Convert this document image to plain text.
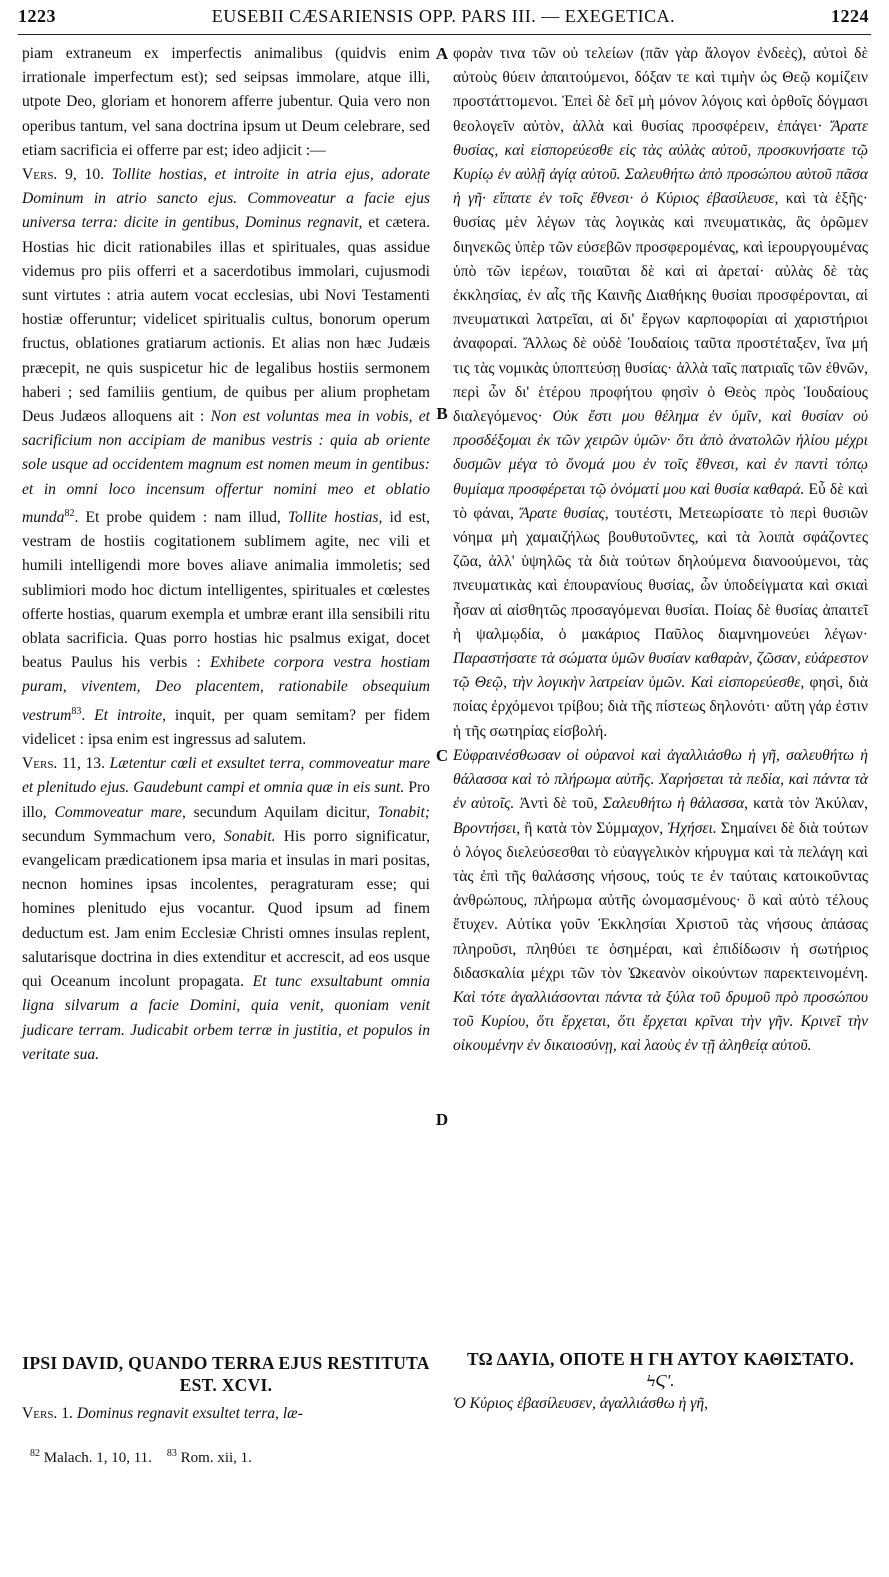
1223	EUSEBII CÆSARIENSIS OPP. PARS III. — EXEGETICA.	1224

piam extraneum ex imperfectis animalibus (quidvis enim irrationale imperfectum est); sed seipsas immolare, atque illi, utpote Deo, gloriam et honorem afferre jubentur. Quia vero non operibus tantum, vel sana doctrina ipsum ut Deum celebrare, sed etiam sacrificia ei offerre par est; ideo adjicit :—

Vers. 9, 10. Tollite hostias, et introite in atria ejus, adorate Dominum in atrio sancto ejus. Commoveatur a facie ejus universa terra: dicite in gentibus, Dominus regnavit, et cætera. Hostias hic dicit rationabiles illas et spirituales, quas assidue videmus pro piis offerri et a sacerdotibus immolari, cujusmodi sunt virtutes : atria autem vocat ecclesias, ubi Novi Testamenti hostiæ offeruntur; videlicet spiritualis cultus, bonorum operum fructus, oblationes gratiarum actionis. Et alias non hæc Judæis præcepit, ne quis suspicetur hic de legalibus hostiis sermonem haberi ; sed familiis gentium, de quibus per alium prophetam Deus Judæos alloquens ait : Non est voluntas mea in vobis, et sacrificium non accipiam de manibus vestris : quia ab oriente sole usque ad occidentem magnum est nomen meum in gentibus: et in omni loco incensum offertur nomini meo et oblatio munda$^{82}$. Et probe quidem : nam illud, Tollite hostias, id est, vestram de hostiis cogitationem sublimem agite, nec vili et humili intelligendi more boves aliave animalia immoletis; sed sublimiori modo hoc dictum intelligentes, spirituales et cœlestes offerte hostias, quarum exempla et umbræ erant illa sensibili ritu oblata sacrificia. Quas porro hostias hic psalmus exigat, docet beatus Paulus his verbis : Exhibete corpora vestra hostiam puram, viventem, Deo placentem, rationabile obsequium vestrum$^{83}$. Et introite, inquit, per quam semitam? per fidem videlicet : ipsa enim est ingressus ad salutem.

Vers. 11, 13. Lætentur cœli et exsultet terra, commoveatur mare et plenitudo ejus. Gaudebunt campi et omnia quæ in eis sunt. Pro illo, Commoveatur mare, secundum Aquilam dicitur, Tonabit; secundum Symmachum vero, Sonabit. His porro significatur, evangelicam prædicationem ipsa maria et insulas in mari positas, necnon homines ipsas incolentes, peragraturam esse; qui homines plenitudo ejus vocantur. Quod ipsum ad finem deductum est. Jam enim Ecclesiæ Christi omnes insulas replent, salutarisque doctrina in dies extenditur et accrescit, ad eos usque qui Oceanum incolunt propagata. Et tunc exsultabunt omnia ligna silvarum a facie Domini, quia venit, quoniam venit judicare terram. Judicabit orbem terræ in justitia, et populos in veritate sua.

IPSI DAVID, QUANDO TERRA EJUS RESTITUTA EST. XCVI.
Vers. 1. Dominus regnavit exsultet terra, læ-
$^{82}$ Malach. 1, 10, 11. $^{83}$ Rom. xii, 1.
A
B
C
D

φορὰν τινα τῶν οὐ τελείων (πᾶν γὰρ ἄλογον ἐνδεὲς), αὐτοὶ δὲ αὐτοὺς θύειν ἀπαιτούμενοι, δόξαν τε καὶ τιμὴν ὡς Θεῷ κομίζειν προστάττομενοι. Ἐπεὶ δὲ δεῖ μὴ μόνον λόγοις καὶ ὀρθοῖς δόγμασι θεολογεῖν αὐτὸν, ἀλλὰ καὶ θυσίας προσφέρειν, ἐπάγει· Ἄρατε θυσίας, καὶ εἰσπορεύεσθε εἰς τὰς αὐλὰς αὐτοῦ, προσκυνήσατε τῷ Κυρίῳ ἐν αὐλῇ ἁγίᾳ αὐτοῦ. Σαλευθήτω ἀπὸ προσώπου αὐτοῦ πᾶσα ἡ γῆ· εἴπατε ἐν τοῖς ἔθνεσι· ὁ Κύριος ἐβασίλευσε, καὶ τὰ ἑξῆς· θυσίας μὲν λέγων τὰς λογικὰς καὶ πνευματικὰς, ἃς ὁρῶμεν διηνεκῶς ὑπὲρ τῶν εὐσεβῶν προσφερομένας, καὶ ἱερουργουμένας ὑπὸ τῶν ἱερέων, τοιαῦται δὲ καὶ αἱ ἀρεταί· αὐλὰς δὲ τὰς ἐκκλησίας, ἐν αἷς τῆς Καινῆς Διαθήκης θυσίαι προσφέρονται, αἱ πνευματικαὶ λατρεῖαι, αἱ δι' ἔργων καρποφορίαι αἱ χαριστήριοι ἀναφοραί. Ἄλλως δὲ οὐδὲ Ἰουδαίοις ταῦτα προστέταξεν, ἵνα μή τις τὰς νομικὰς ὑποπτεύσῃ θυσίας· ἀλλὰ ταῖς πατριαῖς τῶν ἐθνῶν, περὶ ὧν δι' ἑτέρου προφήτου φησὶν ὁ Θεὸς πρὸς Ἰουδαίους διαλεγόμενος· Οὐκ ἔστι μου θέλημα ἐν ὑμῖν, καὶ θυσίαν οὐ προσδέξομαι ἐκ τῶν χειρῶν ὑμῶν· ὅτι ἀπὸ ἀνατολῶν ἡλίου μέχρι δυσμῶν μέγα τὸ ὄνομά μου ἐν τοῖς ἔθνεσι, καὶ ἐν παντὶ τόπῳ θυμίαμα προσφέρεται τῷ ὀνόματί μου καὶ θυσία καθαρά. Εὖ δὲ καὶ τὸ φάναι, Ἄρατε θυσίας, τουτέστι, Μετεωρίσατε τὸ περὶ θυσιῶν νόημα μὴ χαμαιζήλως βουθυτοῦντες, καὶ τὰ λοιπὰ σφάζοντες ζῶα, ἀλλ' ὑψηλῶς τὰ διὰ τούτων δηλούμενα διανοούμενοι, τὰς πνευματικὰς καὶ ἐπουρανίους θυσίας, ὧν ὑποδείγματα καὶ σκιαὶ ἦσαν αἱ αἰσθητῶς προσαγόμεναι θυσίαι. Ποίας δὲ θυσίας ἀπαιτεῖ ἡ ψαλμῳδία, ὁ μακάριος Παῦλος διαμνημονεύει λέγων· Παραστήσατε τὰ σώματα ὑμῶν θυσίαν καθαρὰν, ζῶσαν, εὐάρεστον τῷ Θεῷ, τὴν λογικὴν λατρείαν ὑμῶν. Καὶ εἰσπορεύεσθε, φησὶ, διὰ ποίας ἐρχόμενοι τρίβου; διὰ τῆς πίστεως δηλονότι· αὕτη γάρ ἐστιν ἡ τῆς σωτηρίας εἰσβολή.

Εὐφραινέσθωσαν οἱ οὐρανοὶ καὶ ἀγαλλιάσθω ἡ γῆ, σαλευθήτω ἡ θάλασσα καὶ τὸ πλήρωμα αὐτῆς. Χαρήσεται τὰ πεδία, καὶ πάντα τὰ ἐν αὐτοῖς. Ἀντὶ δὲ τοῦ, Σαλευθήτω ἡ θάλασσα, κατὰ τὸν Ἀκύλαν, Βροντήσει, ἢ κατὰ τὸν Σύμμαχον, Ἠχήσει. Σημαίνει δὲ διὰ τούτων ὁ λόγος διελεύσεσθαι τὸ εὐαγγελικὸν κήρυγμα καὶ τὰ πελάγη καὶ τὰς ἐπὶ τῆς θαλάσσης νήσους, τούς τε ἐν ταύταις κατοικοῦντας ἀνθρώπους, πλήρωμα αὐτῆς ὠνομασμένους· ὃ καὶ αὐτὸ τέλους ἔτυχεν. Αὐτίκα γοῦν Ἐκκλησίαι Χριστοῦ τὰς νήσους ἁπάσας πληροῦσι, πληθύει τε ὁσημέραι, καὶ ἐπιδίδωσιν ἡ σωτήριος διδασκαλία μέχρι τῶν τὸν Ὠκεανὸν οἰκούντων παρεκτεινομένη. Καὶ τότε ἀγαλλιάσονται πάντα τὰ ξύλα τοῦ δρυμοῦ πρὸ προσώπου τοῦ Κυρίου, ὅτι ἔρχεται, ὅτι ἔρχεται κρῖναι τὴν γῆν. Κρινεῖ τὴν οἰκουμένην ἐν δικαιοσύνῃ, καὶ λαοὺς ἐν τῇ ἀληθείᾳ αὐτοῦ.

ΤΩ ΔΑΥΙΔ, ΟΠΟΤΕ Η ΓΗ ΑΥΤΟΥ ΚΑΘΙΣΤΑΤΟ.
ϞϚʹ.
Ὁ Κύριος ἐβασίλευσεν, ἀγαλλιάσθω ἡ γῆ,
